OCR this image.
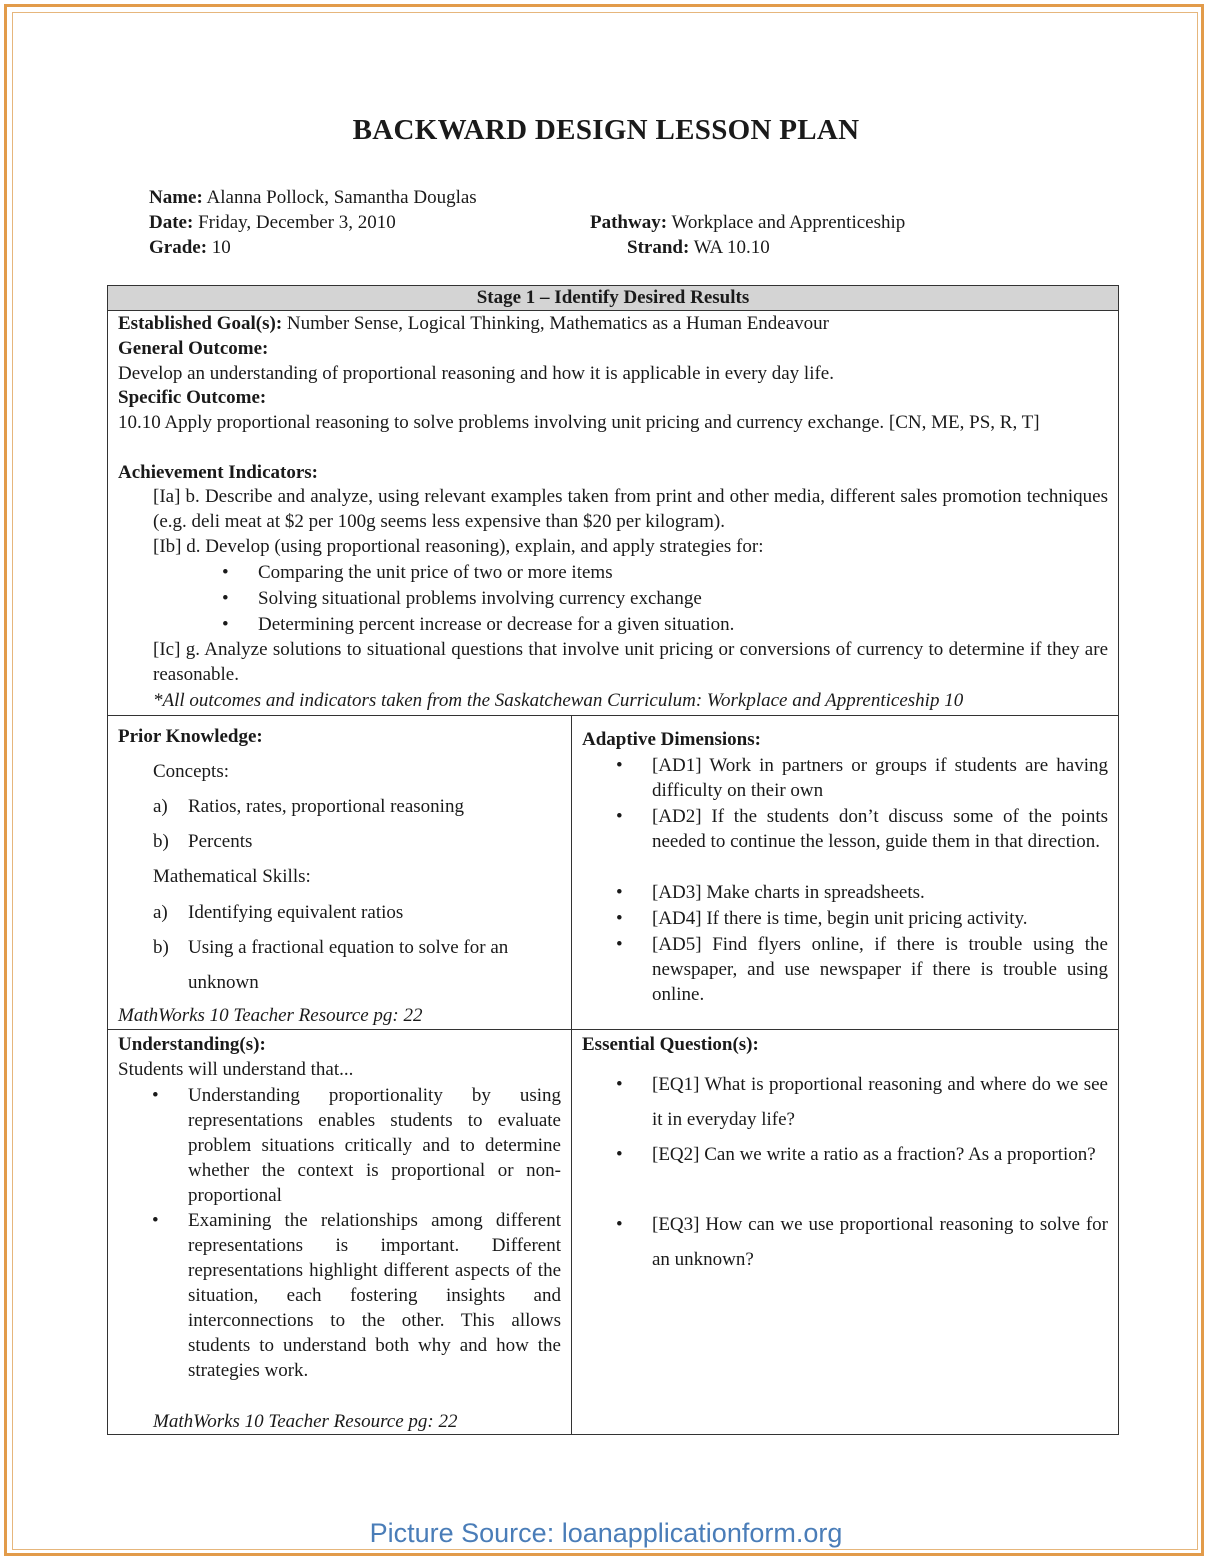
BACKWARD DESIGN LESSON PLAN
Name: Alanna Pollock, Samantha Douglas
Date: Friday, December 3, 2010
Grade: 10
Pathway: Workplace and Apprenticeship
Strand: WA 10.10
Stage 1 – Identify Desired Results
Established Goal(s): Number Sense, Logical Thinking, Mathematics as a Human Endeavour
General Outcome:
Develop an understanding of proportional reasoning and how it is applicable in every day life.
Specific Outcome:
10.10 Apply proportional reasoning to solve problems involving unit pricing and currency exchange. [CN, ME, PS, R, T]
Achievement Indicators:
[Ia] b. Describe and analyze, using relevant examples taken from print and other media, different sales promotion techniques (e.g. deli meat at $2 per 100g seems less expensive than $20 per kilogram).
[Ib] d. Develop (using proportional reasoning), explain, and apply strategies for:
• Comparing the unit price of two or more items
• Solving situational problems involving currency exchange
• Determining percent increase or decrease for a given situation.
[Ic] g. Analyze solutions to situational questions that involve unit pricing or conversions of currency to determine if they are reasonable.
*All outcomes and indicators taken from the Saskatchewan Curriculum: Workplace and Apprenticeship 10
Prior Knowledge:
Concepts:
a) Ratios, rates, proportional reasoning
b) Percents
Mathematical Skills:
a) Identifying equivalent ratios
b) Using a fractional equation to solve for an
unknown
MathWorks 10 Teacher Resource pg: 22
Adaptive Dimensions:
• [AD1] Work in partners or groups if students are having difficulty on their own
• [AD2] If the students don’t discuss some of the points needed to continue the lesson, guide them in that direction.
• [AD3] Make charts in spreadsheets.
• [AD4] If there is time, begin unit pricing activity.
• [AD5] Find flyers online, if there is trouble using the newspaper, and use newspaper if there is trouble using online.
Understanding(s):
Students will understand that...
• Understanding proportionality by using representations enables students to evaluate problem situations critically and to determine whether the context is proportional or non-proportional
• Examining the relationships among different representations is important. Different representations highlight different aspects of the situation, each fostering insights and interconnections to the other. This allows students to understand both why and how the strategies work.
MathWorks 10 Teacher Resource pg: 22
Essential Question(s):
• [EQ1] What is proportional reasoning and where do we see it in everyday life?
• [EQ2] Can we write a ratio as a fraction? As a proportion?
• [EQ3] How can we use proportional reasoning to solve for an unknown?
Picture Source: loanapplicationform.org
